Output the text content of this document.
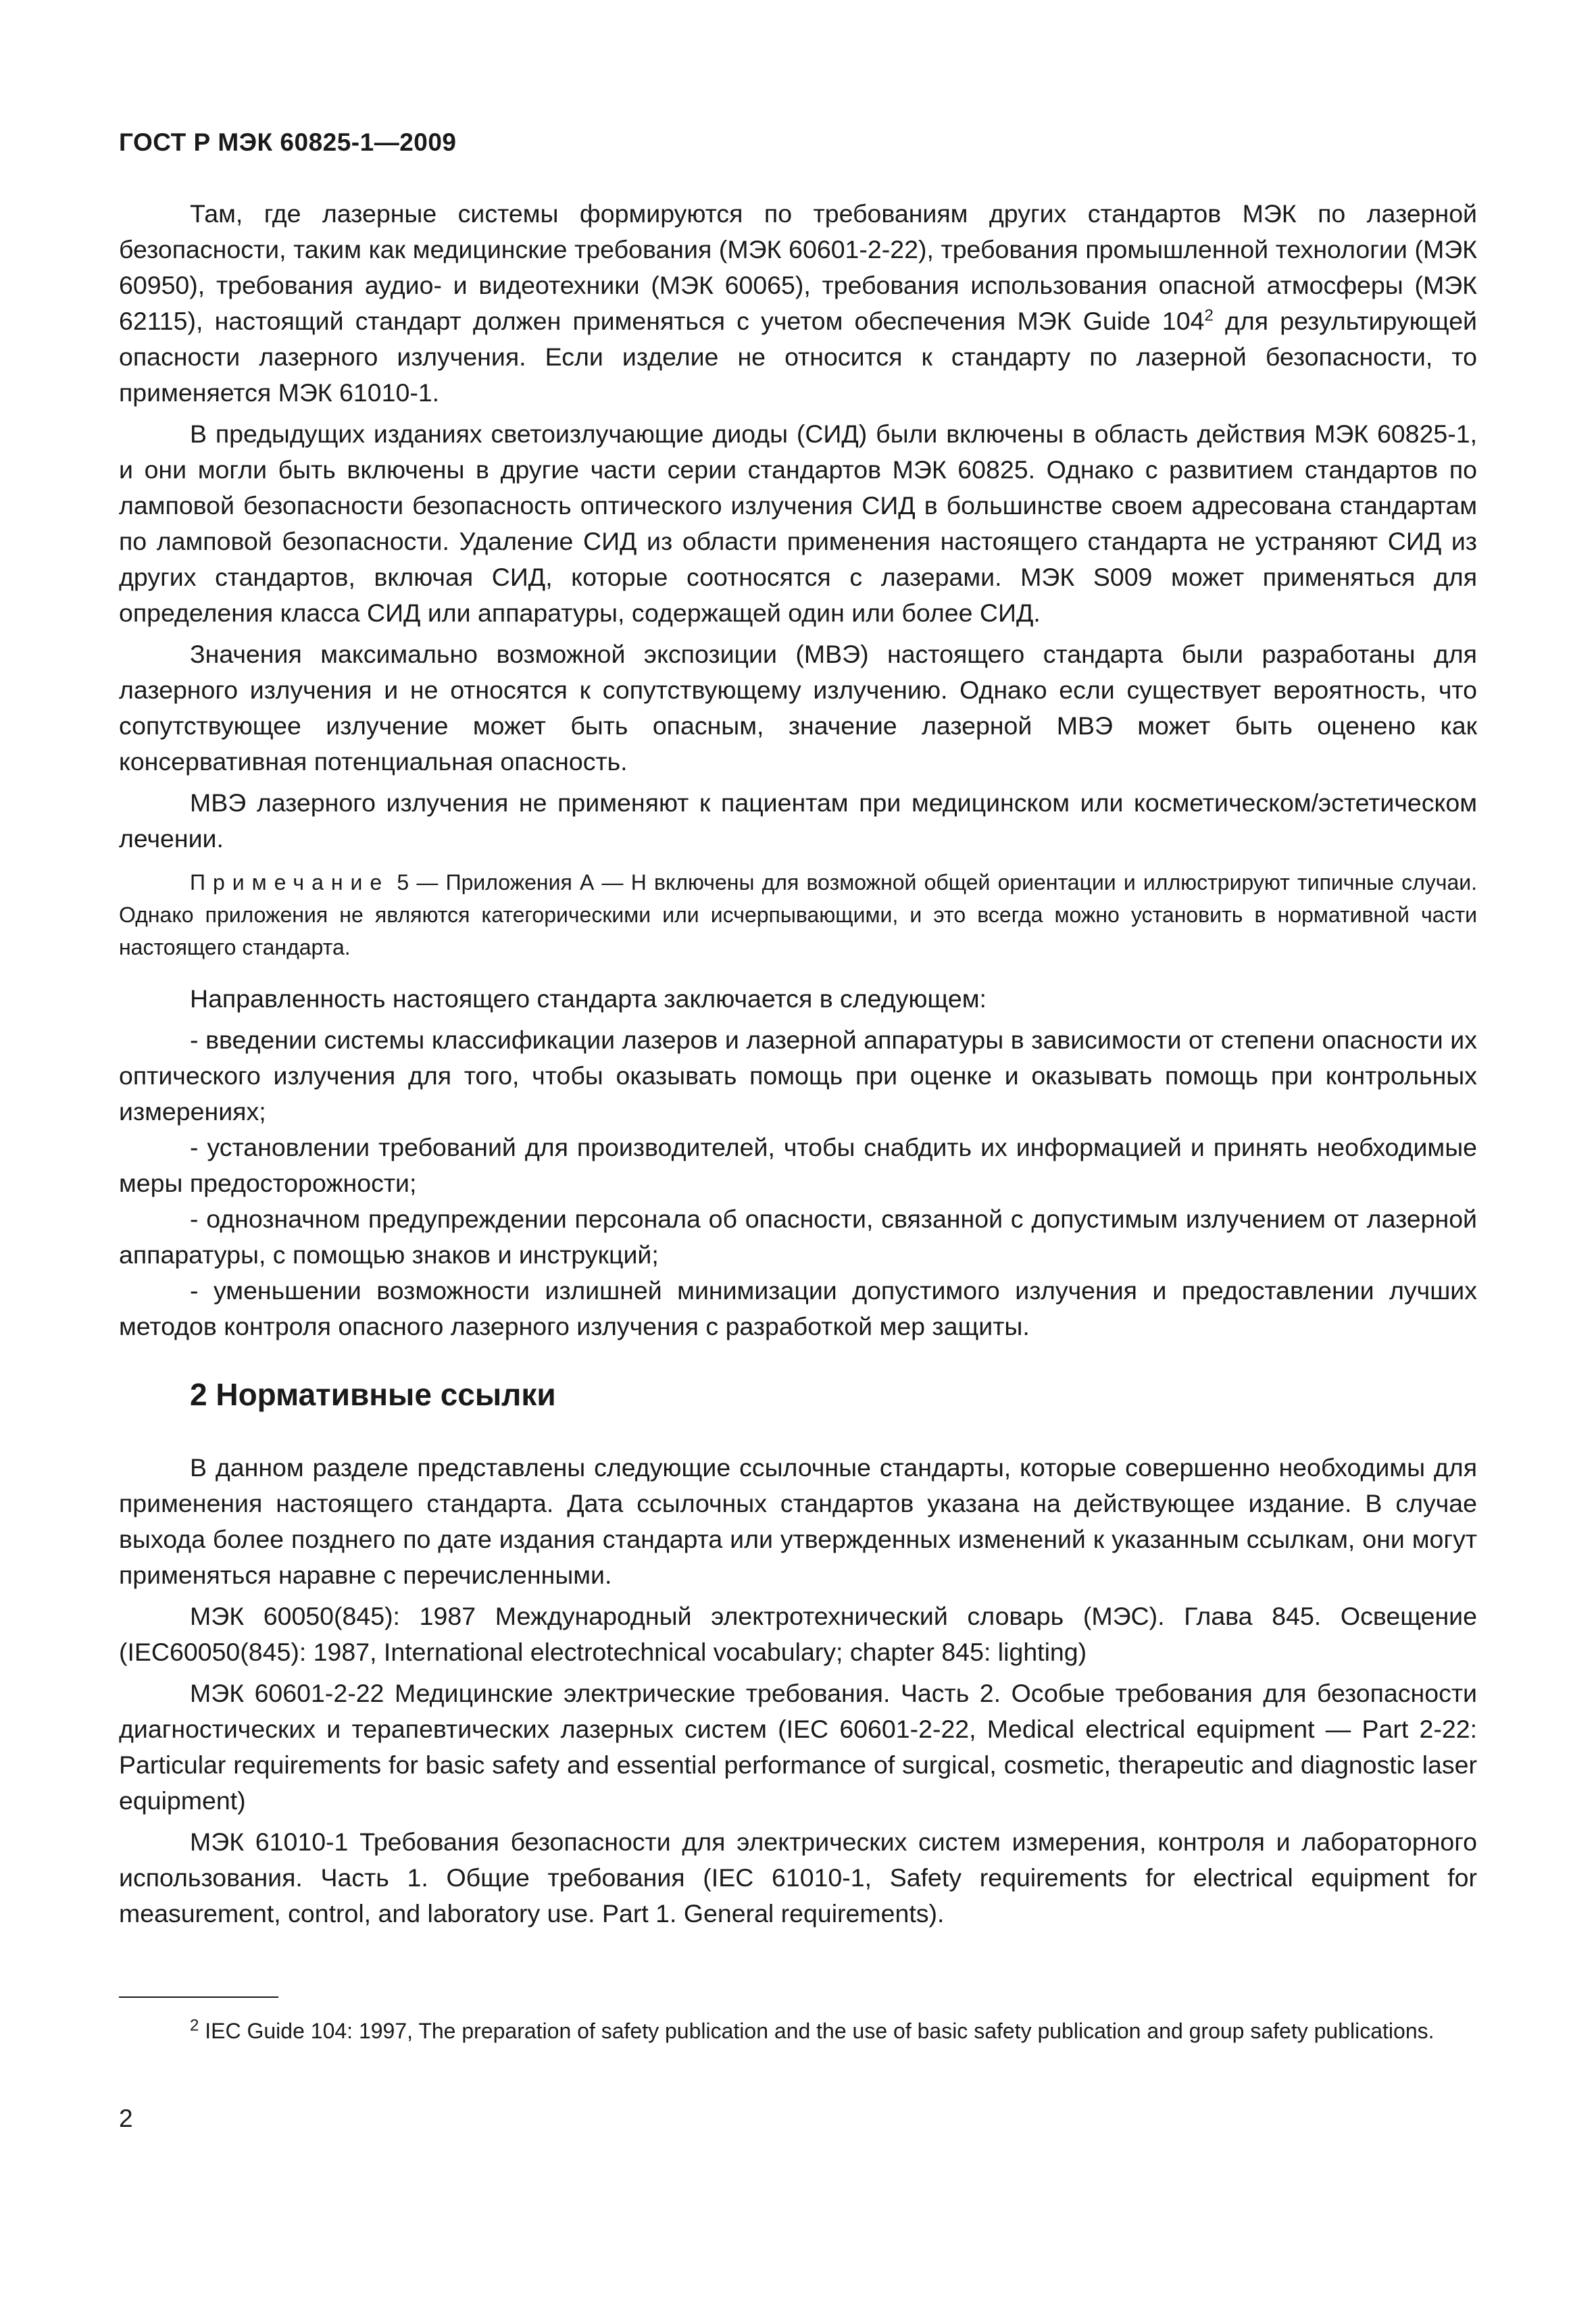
ГОСТ Р МЭК 60825-1—2009

Там, где лазерные системы формируются по требованиям других стандартов МЭК по лазерной безопасности, таким как медицинские требования (МЭК 60601-2-22), требования промышленной технологии (МЭК 60950), требования аудио- и видеотехники (МЭК 60065), требования использования опасной атмосферы (МЭК 62115), настоящий стандарт должен применяться с учетом обеспечения МЭК Guide $104^2$ для результирующей опасности лазерного излучения. Если изделие не относится к стандарту по лазерной безопасности, то применяется МЭК 61010-1.

В предыдущих изданиях светоизлучающие диоды (СИД) были включены в область действия МЭК 60825-1, и они могли быть включены в другие части серии стандартов МЭК 60825. Однако с развитием стандартов по ламповой безопасности безопасность оптического излучения СИД в большинстве своем адресована стандартам по ламповой безопасности. Удаление СИД из области применения настоящего стандарта не устраняют СИД из других стандартов, включая СИД, которые соотносятся с лазерами. МЭК S009 может применяться для определения класса СИД или аппаратуры, содержащей один или более СИД.

Значения максимально возможной экспозиции (МВЭ) настоящего стандарта были разработаны для лазерного излучения и не относятся к сопутствующему излучению. Однако если существует вероятность, что сопутствующее излучение может быть опасным, значение лазерной МВЭ может быть оценено как консервативная потенциальная опасность.

МВЭ лазерного излучения не применяют к пациентам при медицинском или косметическом/эстетическом лечении.

Примечание 5 — Приложения А — Н включены для возможной общей ориентации и иллюстрируют типичные случаи. Однако приложения не являются категорическими или исчерпывающими, и это всегда можно установить в нормативной части настоящего стандарта.

Направленность настоящего стандарта заключается в следующем:

- введении системы классификации лазеров и лазерной аппаратуры в зависимости от степени опасности их оптического излучения для того, чтобы оказывать помощь при оценке и оказывать помощь при контрольных измерениях;

- установлении требований для производителей, чтобы снабдить их информацией и принять необходимые меры предосторожности;

- однозначном предупреждении персонала об опасности, связанной с допустимым излучением от лазерной аппаратуры, с помощью знаков и инструкций;

- уменьшении возможности излишней минимизации допустимого излучения и предоставлении лучших методов контроля опасного лазерного излучения с разработкой мер защиты.

2 Нормативные ссылки

В данном разделе представлены следующие ссылочные стандарты, которые совершенно необходимы для применения настоящего стандарта. Дата ссылочных стандартов указана на действующее издание. В случае выхода более позднего по дате издания стандарта или утвержденных изменений к указанным ссылкам, они могут применяться наравне с перечисленными.

МЭК 60050(845): 1987 Международный электротехнический словарь (МЭС). Глава 845. Освещение (IEC60050(845): 1987, International electrotechnical vocabulary; chapter 845: lighting)

МЭК 60601-2-22 Медицинские электрические требования. Часть 2. Особые требования для безопасности диагностических и терапевтических лазерных систем (IEC 60601-2-22, Medical electrical equipment — Part 2-22: Particular requirements for basic safety and essential performance of surgical, cosmetic, therapeutic and diagnostic laser equipment)

МЭК 61010-1 Требования безопасности для электрических систем измерения, контроля и лабораторного использования. Часть 1. Общие требования (IEC 61010-1, Safety requirements for electrical equipment for measurement, control, and laboratory use. Part 1. General requirements).

$^2$ IEC Guide 104: 1997, The preparation of safety publication and the use of basic safety publication and group safety publications.

2
